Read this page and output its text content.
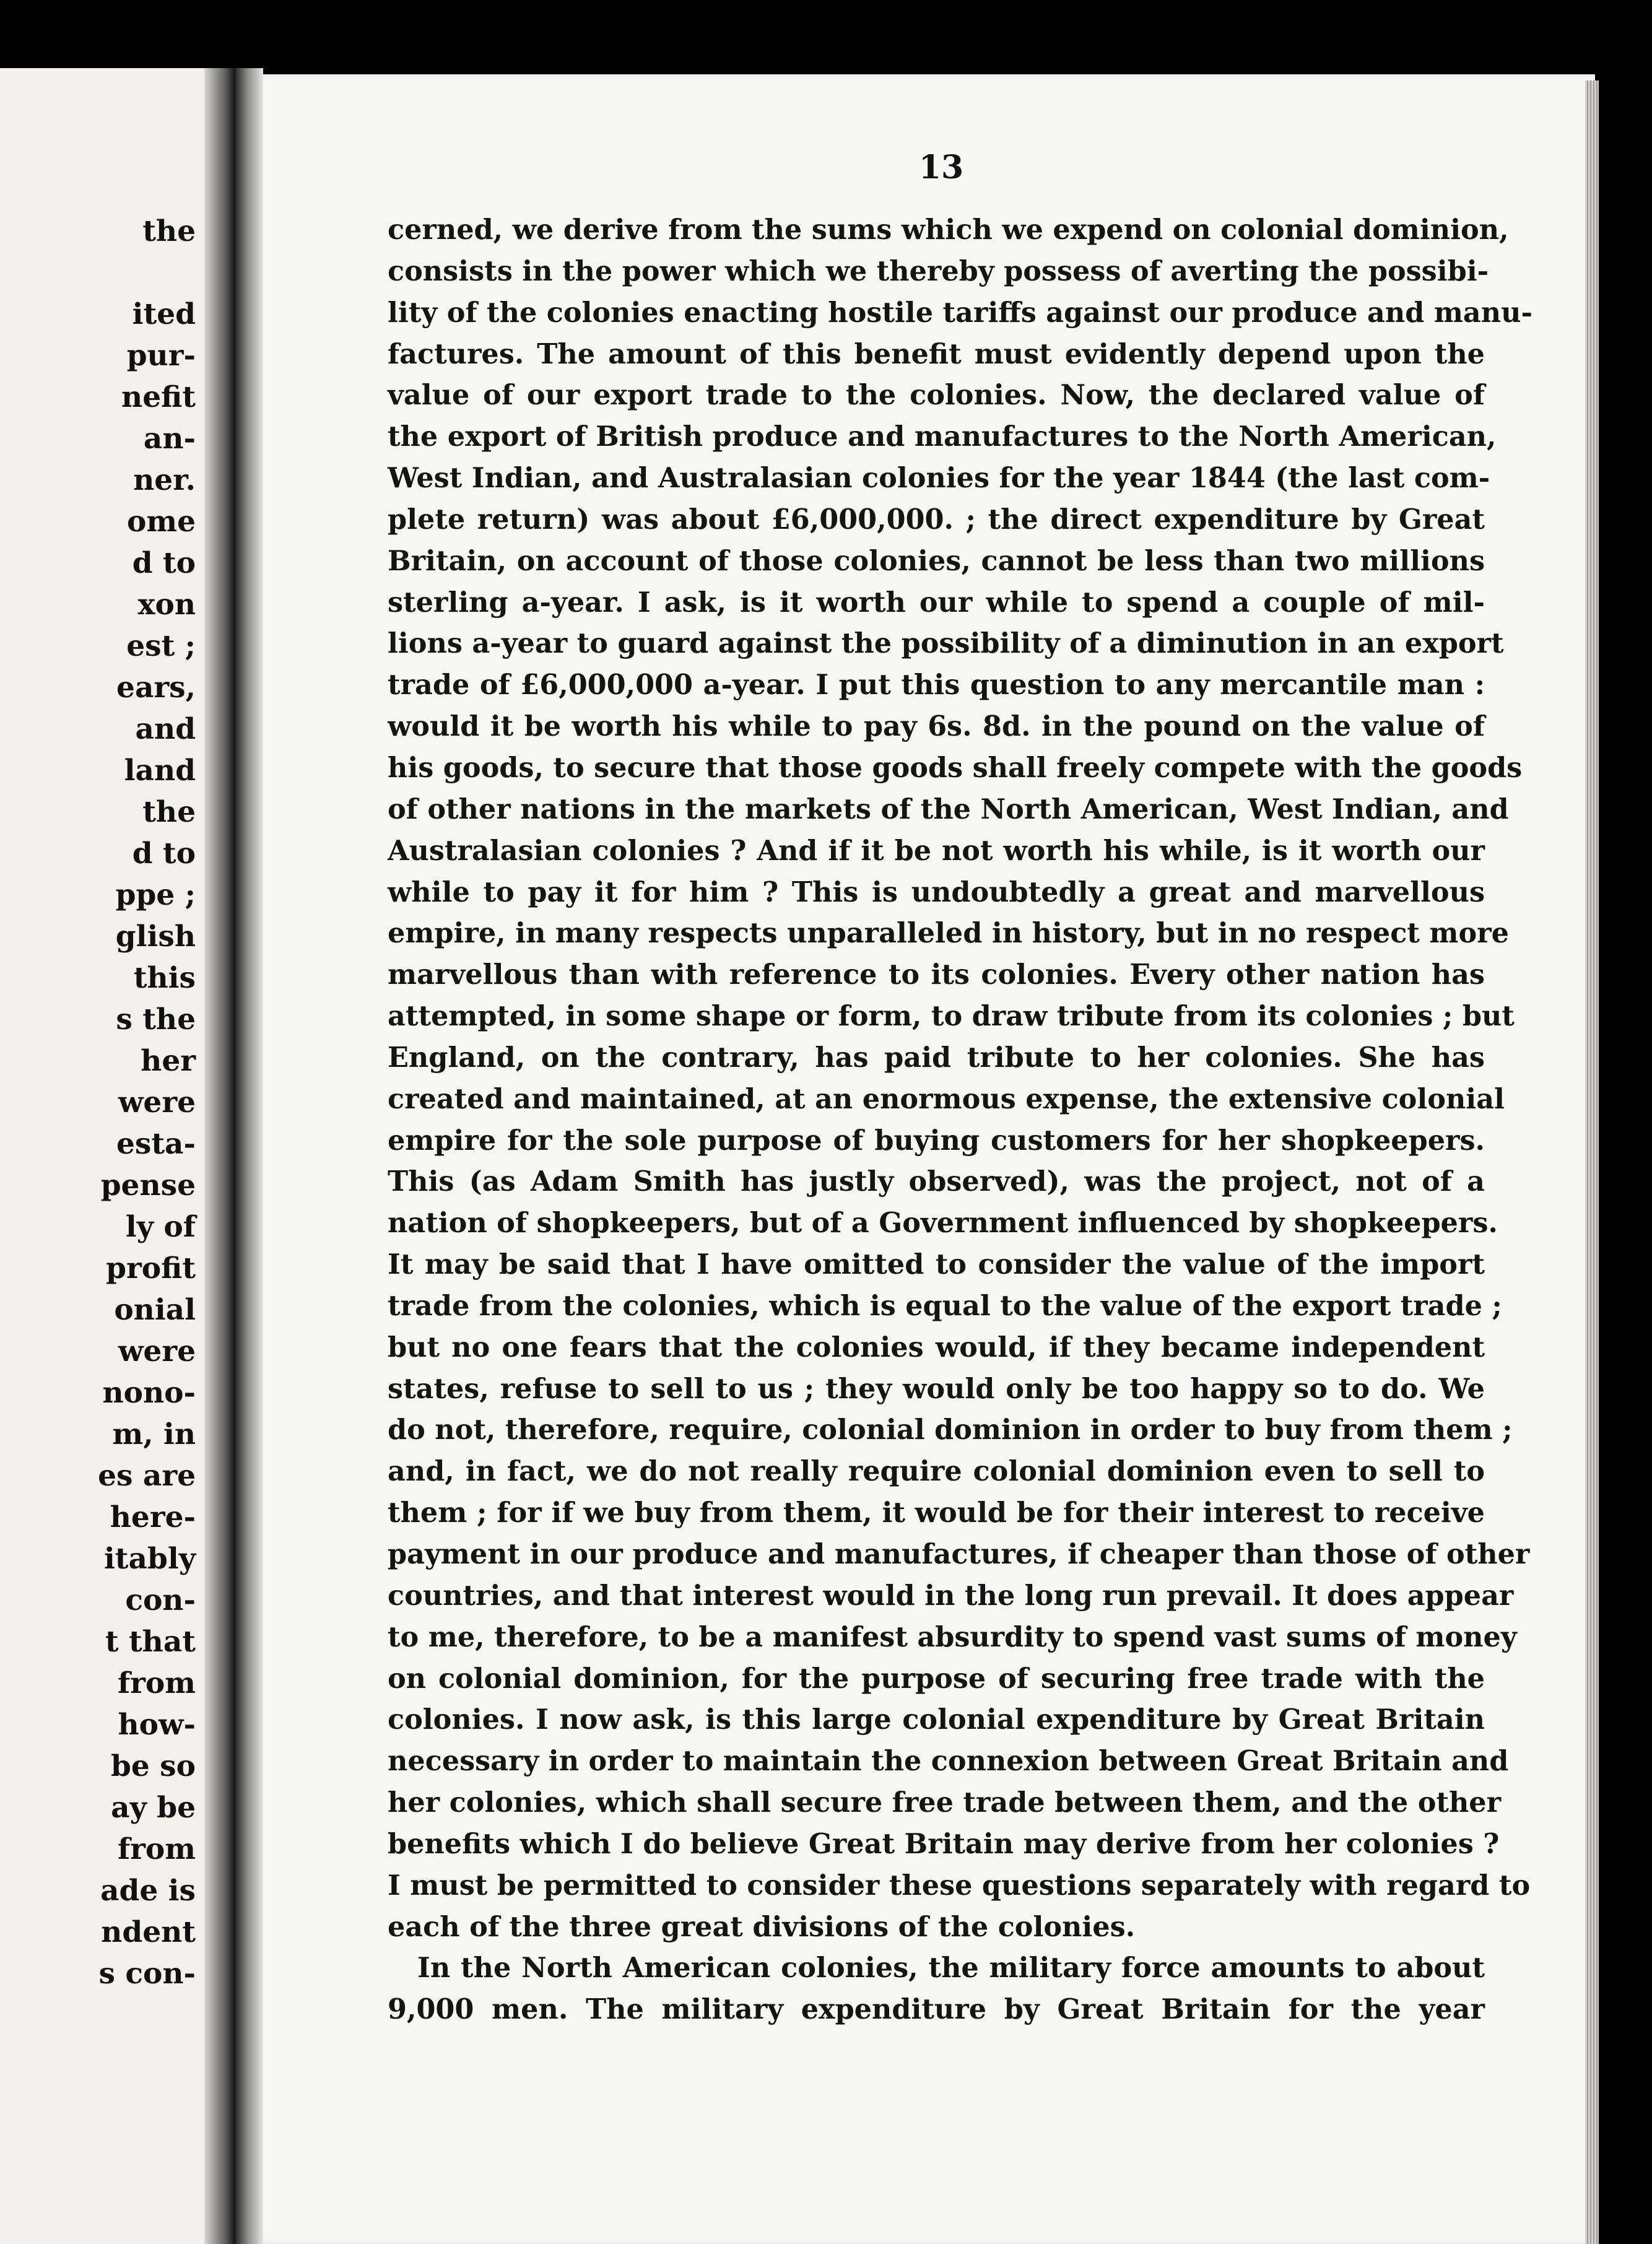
the
ited
pur-
nefit
an-
ner.
ome
d to
xon
est ;
ears,
and
land
the
d to
ppe ;
glish
this
s the
her
were
esta-
pense
ly of
profit
onial
were
nono-
m, in
es are
here-
itably
con-
t that
from
how-
be so
ay be
from
ade is
ndent
s con-
13
cerned, we derive from the sums which we expend on colonial dominion,
consists in the power which we thereby possess of averting the possibi-
lity of the colonies enacting hostile tariffs against our produce and manu-
factures. The amount of this benefit must evidently depend upon the
value of our export trade to the colonies. Now, the declared value of
the export of British produce and manufactures to the North American,
West Indian, and Australasian colonies for the year 1844 (the last com-
plete return) was about £6,000,000. ; the direct expenditure by Great
Britain, on account of those colonies, cannot be less than two millions
sterling a-year. I ask, is it worth our while to spend a couple of mil-
lions a-year to guard against the possibility of a diminution in an export
trade of £6,000,000 a-year. I put this question to any mercantile man :
would it be worth his while to pay 6s. 8d. in the pound on the value of
his goods, to secure that those goods shall freely compete with the goods
of other nations in the markets of the North American, West Indian, and
Australasian colonies ? And if it be not worth his while, is it worth our
while to pay it for him ? This is undoubtedly a great and marvellous
empire, in many respects unparalleled in history, but in no respect more
marvellous than with reference to its colonies. Every other nation has
attempted, in some shape or form, to draw tribute from its colonies ; but
England, on the contrary, has paid tribute to her colonies. She has
created and maintained, at an enormous expense, the extensive colonial
empire for the sole purpose of buying customers for her shopkeepers.
This (as Adam Smith has justly observed), was the project, not of a
nation of shopkeepers, but of a Government influenced by shopkeepers.
It may be said that I have omitted to consider the value of the import
trade from the colonies, which is equal to the value of the export trade ;
but no one fears that the colonies would, if they became independent
states, refuse to sell to us ; they would only be too happy so to do. We
do not, therefore, require, colonial dominion in order to buy from them ;
and, in fact, we do not really require colonial dominion even to sell to
them ; for if we buy from them, it would be for their interest to receive
payment in our produce and manufactures, if cheaper than those of other
countries, and that interest would in the long run prevail. It does appear
to me, therefore, to be a manifest absurdity to spend vast sums of money
on colonial dominion, for the purpose of securing free trade with the
colonies. I now ask, is this large colonial expenditure by Great Britain
necessary in order to maintain the connexion between Great Britain and
her colonies, which shall secure free trade between them, and the other
benefits which I do believe Great Britain may derive from her colonies ?
I must be permitted to consider these questions separately with regard to
each of the three great divisions of the colonies.
In the North American colonies, the military force amounts to about
9,000 men. The military expenditure by Great Britain for the year
